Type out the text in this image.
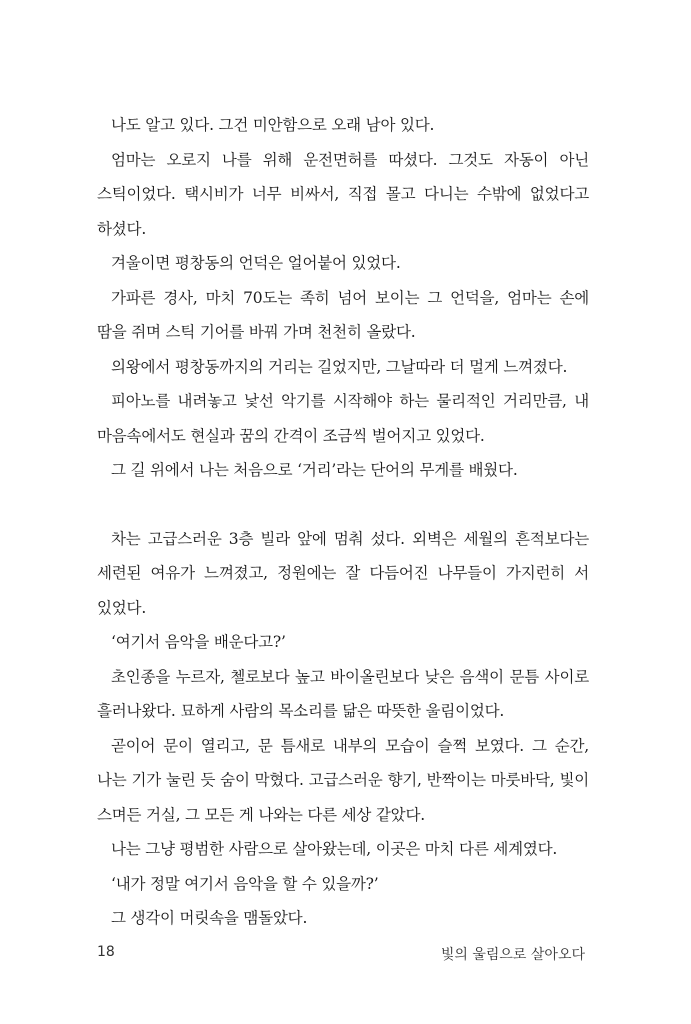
나도 알고 있다. 그건 미안함으로 오래 남아 있다.

엄마는 오로지 나를 위해 운전면허를 따셨다. 그것도 자동이 아닌 스틱이었다. 택시비가 너무 비싸서, 직접 몰고 다니는 수밖에 없었다고 하셨다.

겨울이면 평창동의 언덕은 얼어붙어 있었다.

가파른 경사, 마치 70도는 족히 넘어 보이는 그 언덕을, 엄마는 손에 땀을 쥐며 스틱 기어를 바꿔 가며 천천히 올랐다.

의왕에서 평창동까지의 거리는 길었지만, 그날따라 더 멀게 느껴졌다.

피아노를 내려놓고 낯선 악기를 시작해야 하는 물리적인 거리만큼, 내 마음속에서도 현실과 꿈의 간격이 조금씩 벌어지고 있었다.

그 길 위에서 나는 처음으로 ‘거리’라는 단어의 무게를 배웠다.

차는 고급스러운 3층 빌라 앞에 멈춰 섰다. 외벽은 세월의 흔적보다는 세련된 여유가 느껴졌고, 정원에는 잘 다듬어진 나무들이 가지런히 서 있었다.

‘여기서 음악을 배운다고?’

초인종을 누르자, 첼로보다 높고 바이올린보다 낮은 음색이 문틈 사이로 흘러나왔다. 묘하게 사람의 목소리를 닮은 따뜻한 울림이었다.

곧이어 문이 열리고, 문 틈새로 내부의 모습이 슬쩍 보였다. 그 순간, 나는 기가 눌린 듯 숨이 막혔다. 고급스러운 향기, 반짝이는 마룻바닥, 빛이 스며든 거실, 그 모든 게 나와는 다른 세상 같았다.

나는 그냥 평범한 사람으로 살아왔는데, 이곳은 마치 다른 세계였다.

‘내가 정말 여기서 음악을 할 수 있을까?’

그 생각이 머릿속을 맴돌았다.

18	빛의 울림으로 살아오다
